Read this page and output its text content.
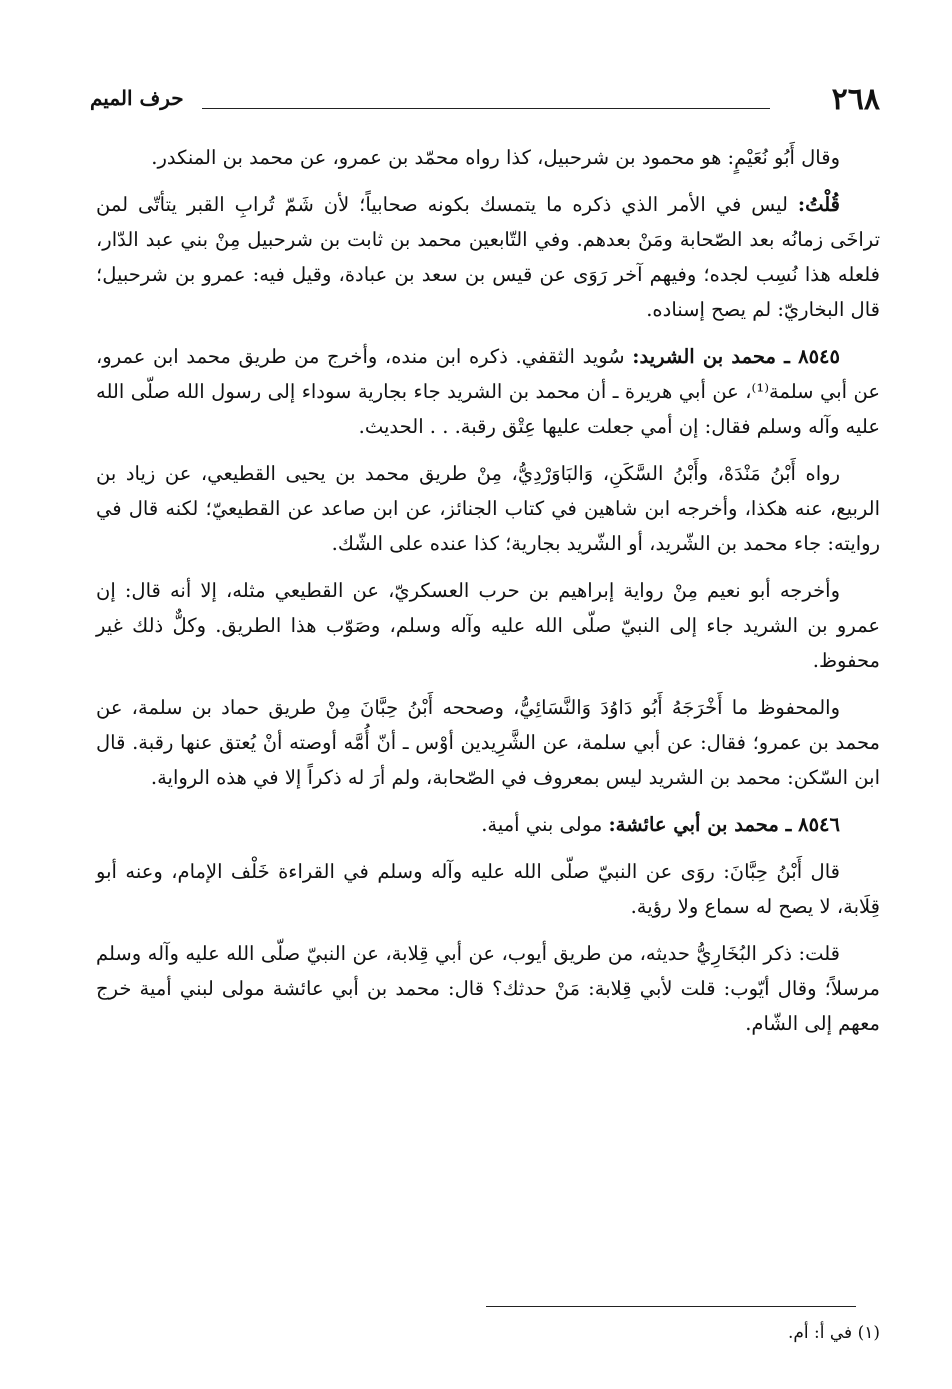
٢٦٨
حرف الميم

وقال أَبُو نُعَيْمٍ: هو محمود بن شرحبيل، كذا رواه محمّد بن عمرو، عن محمد بن المنكدر.

قُلْتُ: ليس في الأمر الذي ذكره ما يتمسك بكونه صحابياً؛ لأن شَمّ تُرابِ القبر يتأتّى لمن تراخَى زمانُه بعد الصّحابة ومَنْ بعدهم. وفي التّابعين محمد بن ثابت بن شرحبيل مِنْ بني عبد الدّار، فلعله هذا نُسِب لجده؛ وفيهم آخر رَوَى عن قيس بن سعد بن عبادة، وقيل فيه: عمرو بن شرحبيل؛ قال البخاريّ: لم يصح إسناده.

٨٥٤٥ ـ محمد بن الشريد: سُويد الثقفي. ذكره ابن منده، وأخرج من طريق محمد ابن عمرو، عن أبي سلمة⁽¹⁾، عن أبي هريرة ـ أن محمد بن الشريد جاء بجارية سوداء إلى رسول الله صلّى الله عليه وآله وسلم فقال: إن أمي جعلت عليها عِتْق رقبة. . . الحديث.

رواه أَبْنُ مَنْدَهْ، وأَبْنُ السَّكَنِ، وَالبَاوَرْدِيُّ، مِنْ طريق محمد بن يحيى القطيعي، عن زياد بن الربيع، عنه هكذا، وأخرجه ابن شاهين في كتاب الجنائز، عن ابن صاعد عن القطيعيّ؛ لكنه قال في روايته: جاء محمد بن الشّريد، أو الشّريد بجارية؛ كذا عنده على الشّك.

وأخرجه أبو نعيم مِنْ رواية إبراهيم بن حرب العسكريّ، عن القطيعي مثله، إلا أنه قال: إن عمرو بن الشريد جاء إلى النبيّ صلّى الله عليه وآله وسلم، وصَوّب هذا الطريق. وكلٌّ ذلك غير محفوظ.

والمحفوظ ما أَخْرَجَهُ أَبُو دَاوُدَ وَالنَّسَائِيُّ، وصححه أَبْنُ حِبَّانَ مِنْ طريق حماد بن سلمة، عن محمد بن عمرو؛ فقال: عن أبي سلمة، عن الشَّرِيدين أوْس ـ أنّ أُمَّه أوصته أنْ يُعتق عنها رقبة. قال ابن السّكن: محمد بن الشريد ليس بمعروف في الصّحابة، ولم أرَ له ذكراً إلا في هذه الرواية.

٨٥٤٦ ـ محمد بن أبي عائشة: مولى بني أمية.

قال أَبْنُ حِبَّانَ: روَى عن النبيّ صلّى الله عليه وآله وسلم في القراءة خَلْف الإمام، وعنه أبو قِلَابة، لا يصح له سماع ولا رؤية.

قلت: ذكر البُخَارِيُّ حديثه، من طريق أيوب، عن أبي قِلابة، عن النبيّ صلّى الله عليه وآله وسلم مرسلاً؛ وقال أيّوب: قلت لأبي قِلابة: مَنْ حدثك؟ قال: محمد بن أبي عائشة مولى لبني أمية خرج معهم إلى الشّام.

(١) في أ: أم.
